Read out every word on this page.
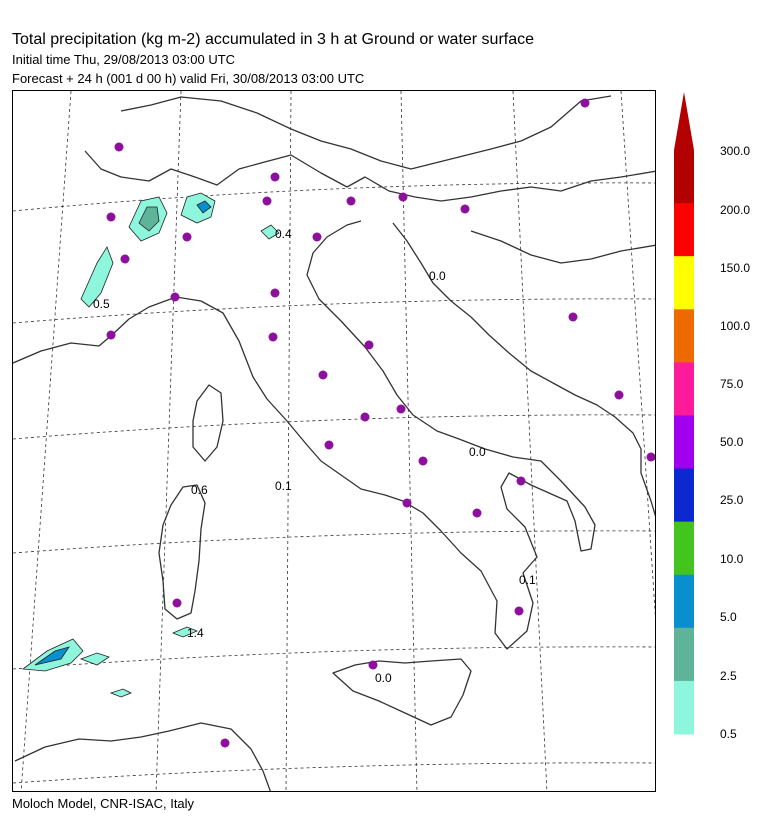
Total precipitation (kg m-2) accumulated in 3 h at Ground or water surface
Initial time Thu, 29/08/2013 03:00 UTC
Forecast + 24 h (001 d 00 h) valid Fri, 30/08/2013 03:00 UTC
0.4
0.5
0.0
0.0
0.6	0.1
0.1
1.4
0.0
300.0
200.0
150.0
100.0
75.0
50.0
25.0
10.0
5.0
2.5
0.5
Moloch Model, CNR-ISAC, Italy
